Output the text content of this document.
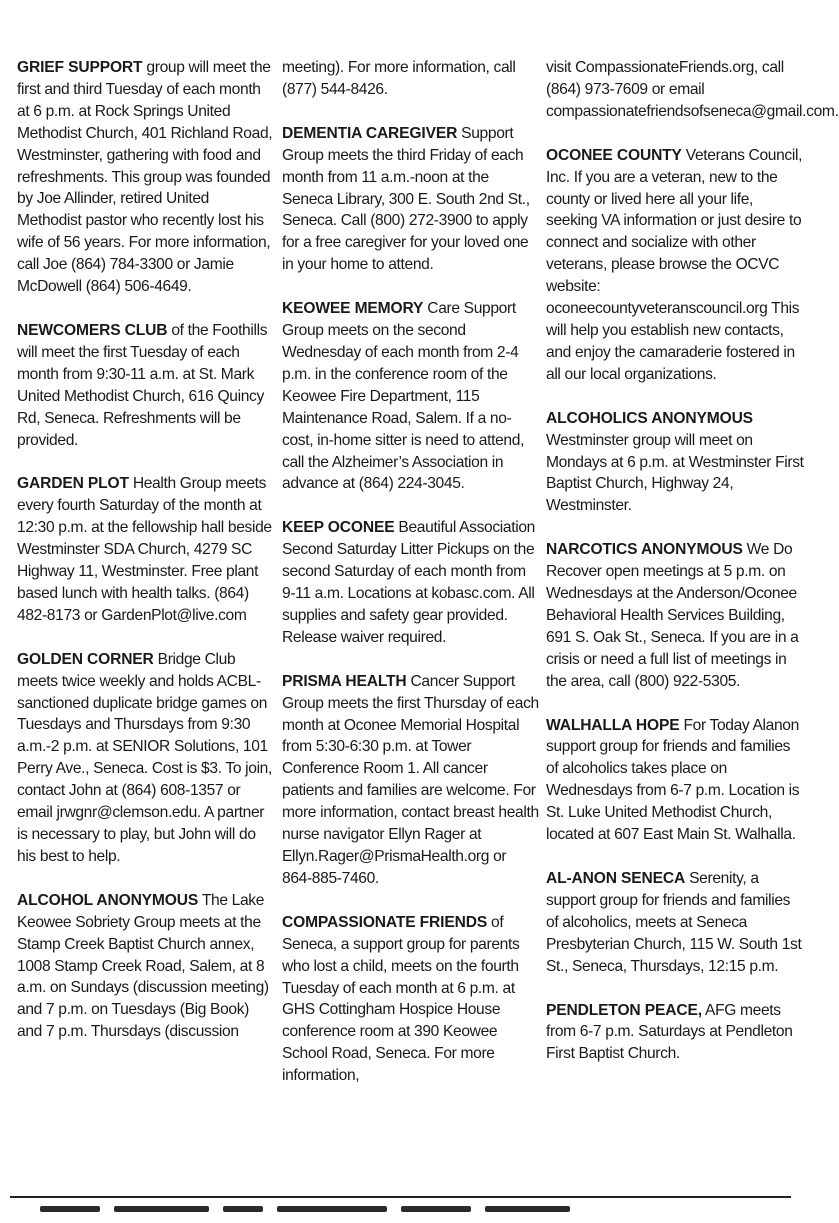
GRIEF SUPPORT group will meet the first and third Tuesday of each month at 6 p.m. at Rock Springs United Methodist Church, 401 Richland Road, Westminster, gathering with food and refreshments. This group was founded by Joe Allinder, retired United Methodist pastor who recently lost his wife of 56 years. For more information, call Joe (864) 784-3300 or Jamie McDowell (864) 506-4649.

NEWCOMERS CLUB of the Foothills will meet the first Tuesday of each month from 9:30-11 a.m. at St. Mark United Methodist Church, 616 Quincy Rd, Seneca. Refreshments will be provided.

GARDEN PLOT Health Group meets every fourth Saturday of the month at 12:30 p.m. at the fellowship hall beside Westminster SDA Church, 4279 SC Highway 11, Westminster. Free plant based lunch with health talks. (864) 482-8173 or GardenPlot@live.com

GOLDEN CORNER Bridge Club meets twice weekly and holds ACBL-sanctioned duplicate bridge games on Tuesdays and Thursdays from 9:30 a.m.-2 p.m. at SENIOR Solutions, 101 Perry Ave., Seneca. Cost is $3. To join, contact John at (864) 608-1357 or email jrwgnr@clemson.edu. A partner is necessary to play, but John will do his best to help.

ALCOHOL ANONYMOUS The Lake Keowee Sobriety Group meets at the Stamp Creek Baptist Church annex, 1008 Stamp Creek Road, Salem, at 8 a.m. on Sundays (discussion meeting) and 7 p.m. on Tuesdays (Big Book) and 7 p.m. Thursdays (discussion

meeting). For more information, call (877) 544-8426.

DEMENTIA CAREGIVER Support Group meets the third Friday of each month from 11 a.m.-noon at the Seneca Library, 300 E. South 2nd St., Seneca. Call (800) 272-3900 to apply for a free caregiver for your loved one in your home to attend.

KEOWEE MEMORY Care Support Group meets on the second Wednesday of each month from 2-4 p.m. in the conference room of the Keowee Fire Department, 115 Maintenance Road, Salem. If a no-cost, in-home sitter is need to attend, call the Alzheimer’s Association in advance at (864) 224-3045.

KEEP OCONEE Beautiful Association Second Saturday Litter Pickups on the second Saturday of each month from 9-11 a.m. Locations at kobasc.com. All supplies and safety gear provided. Release waiver required.

PRISMA HEALTH Cancer Support Group meets the first Thursday of each month at Oconee Memorial Hospital from 5:30-6:30 p.m. at Tower Conference Room 1. All cancer patients and families are welcome. For more information, contact breast health nurse navigator Ellyn Rager at Ellyn.Rager@PrismaHealth.org or 864-885-7460.

COMPASSIONATE FRIENDS of Seneca, a support group for parents who lost a child, meets on the fourth Tuesday of each month at 6 p.m. at GHS Cottingham Hospice House conference room at 390 Keowee School Road, Seneca. For more information,

visit CompassionateFriends.org, call (864) 973-7609 or email compassionatefriendsofseneca@gmail.com.

OCONEE COUNTY Veterans Council, Inc. If you are a veteran, new to the county or lived here all your life, seeking VA information or just desire to connect and socialize with other veterans, please browse the OCVC website: oconeecountyveteranscouncil.org This will help you establish new contacts, and enjoy the camaraderie fostered in all our local organizations.

ALCOHOLICS ANONYMOUS Westminster group will meet on Mondays at 6 p.m. at Westminster First Baptist Church, Highway 24, Westminster.

NARCOTICS ANONYMOUS We Do Recover open meetings at 5 p.m. on Wednesdays at the Anderson/Oconee Behavioral Health Services Building, 691 S. Oak St., Seneca. If you are in a crisis or need a full list of meetings in the area, call (800) 922-5305.

WALHALLA HOPE For Today Alanon support group for friends and families of alcoholics takes place on Wednesdays from 6-7 p.m. Location is St. Luke United Methodist Church, located at 607 East Main St. Walhalla.

AL-ANON SENECA Serenity, a support group for friends and families of alcoholics, meets at Seneca Presbyterian Church, 115 W. South 1st St., Seneca, Thursdays, 12:15 p.m.

PENDLETON PEACE, AFG meets from 6-7 p.m. Saturdays at Pendleton First Baptist Church.
